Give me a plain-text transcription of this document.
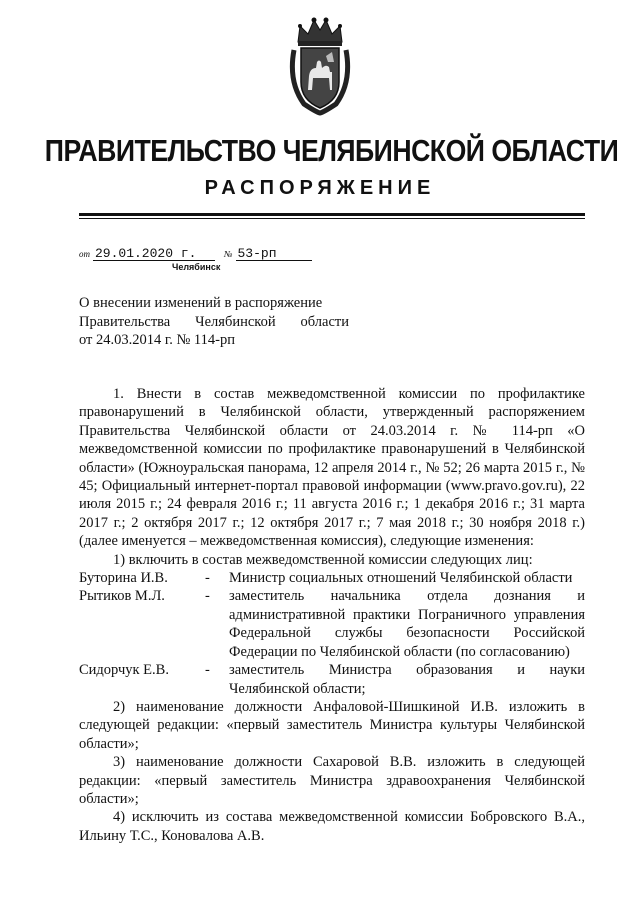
ПРАВИТЕЛЬСТВО ЧЕЛЯБИНСКОЙ ОБЛАСТИ
РАСПОРЯЖЕНИЕ
от 29.01.2020 г.	№ 53-рп
Челябинск
О внесении изменений в распоряжение
Правительства Челябинской области
от 24.03.2014 г. № 114-рп

1. Внести в состав межведомственной комиссии по профилактике правонарушений в Челябинской области, утвержденный распоряжением Правительства Челябинской области от 24.03.2014 г. № 114-рп «О межведомственной комиссии по профилактике правонарушений в Челябинской области» (Южноуральская панорама, 12 апреля 2014 г., № 52; 26 марта 2015 г., № 45; Официальный интернет-портал правовой информации (www.pravo.gov.ru), 22 июля 2015 г.; 24 февраля 2016 г.; 11 августа 2016 г.; 1 декабря 2016 г.; 31 марта 2017 г.; 2 октября 2017 г.; 12 октября 2017 г.; 7 мая 2018 г.; 30 ноября 2018 г.) (далее именуется – межведомственная комиссия), следующие изменения:

1) включить в состав межведомственной комиссии следующих лиц:

Буторина И.В.	-	Министр социальных отношений Челябинской области
Рытиков М.Л.	-	заместитель начальника отдела дознания и административной практики Пограничного управления Федеральной службы безопасности Российской Федерации по Челябинской области (по согласованию)
Сидорчук Е.В.	-	заместитель Министра образования и науки Челябинской области;

2) наименование должности Анфаловой-Шишкиной И.В. изложить в следующей редакции: «первый заместитель Министра культуры Челябинской области»;

3) наименование должности Сахаровой В.В. изложить в следующей редакции: «первый заместитель Министра здравоохранения Челябинской области»;

4) исключить из состава межведомственной комиссии Бобровского В.А., Ильину Т.С., Коновалова А.В.
